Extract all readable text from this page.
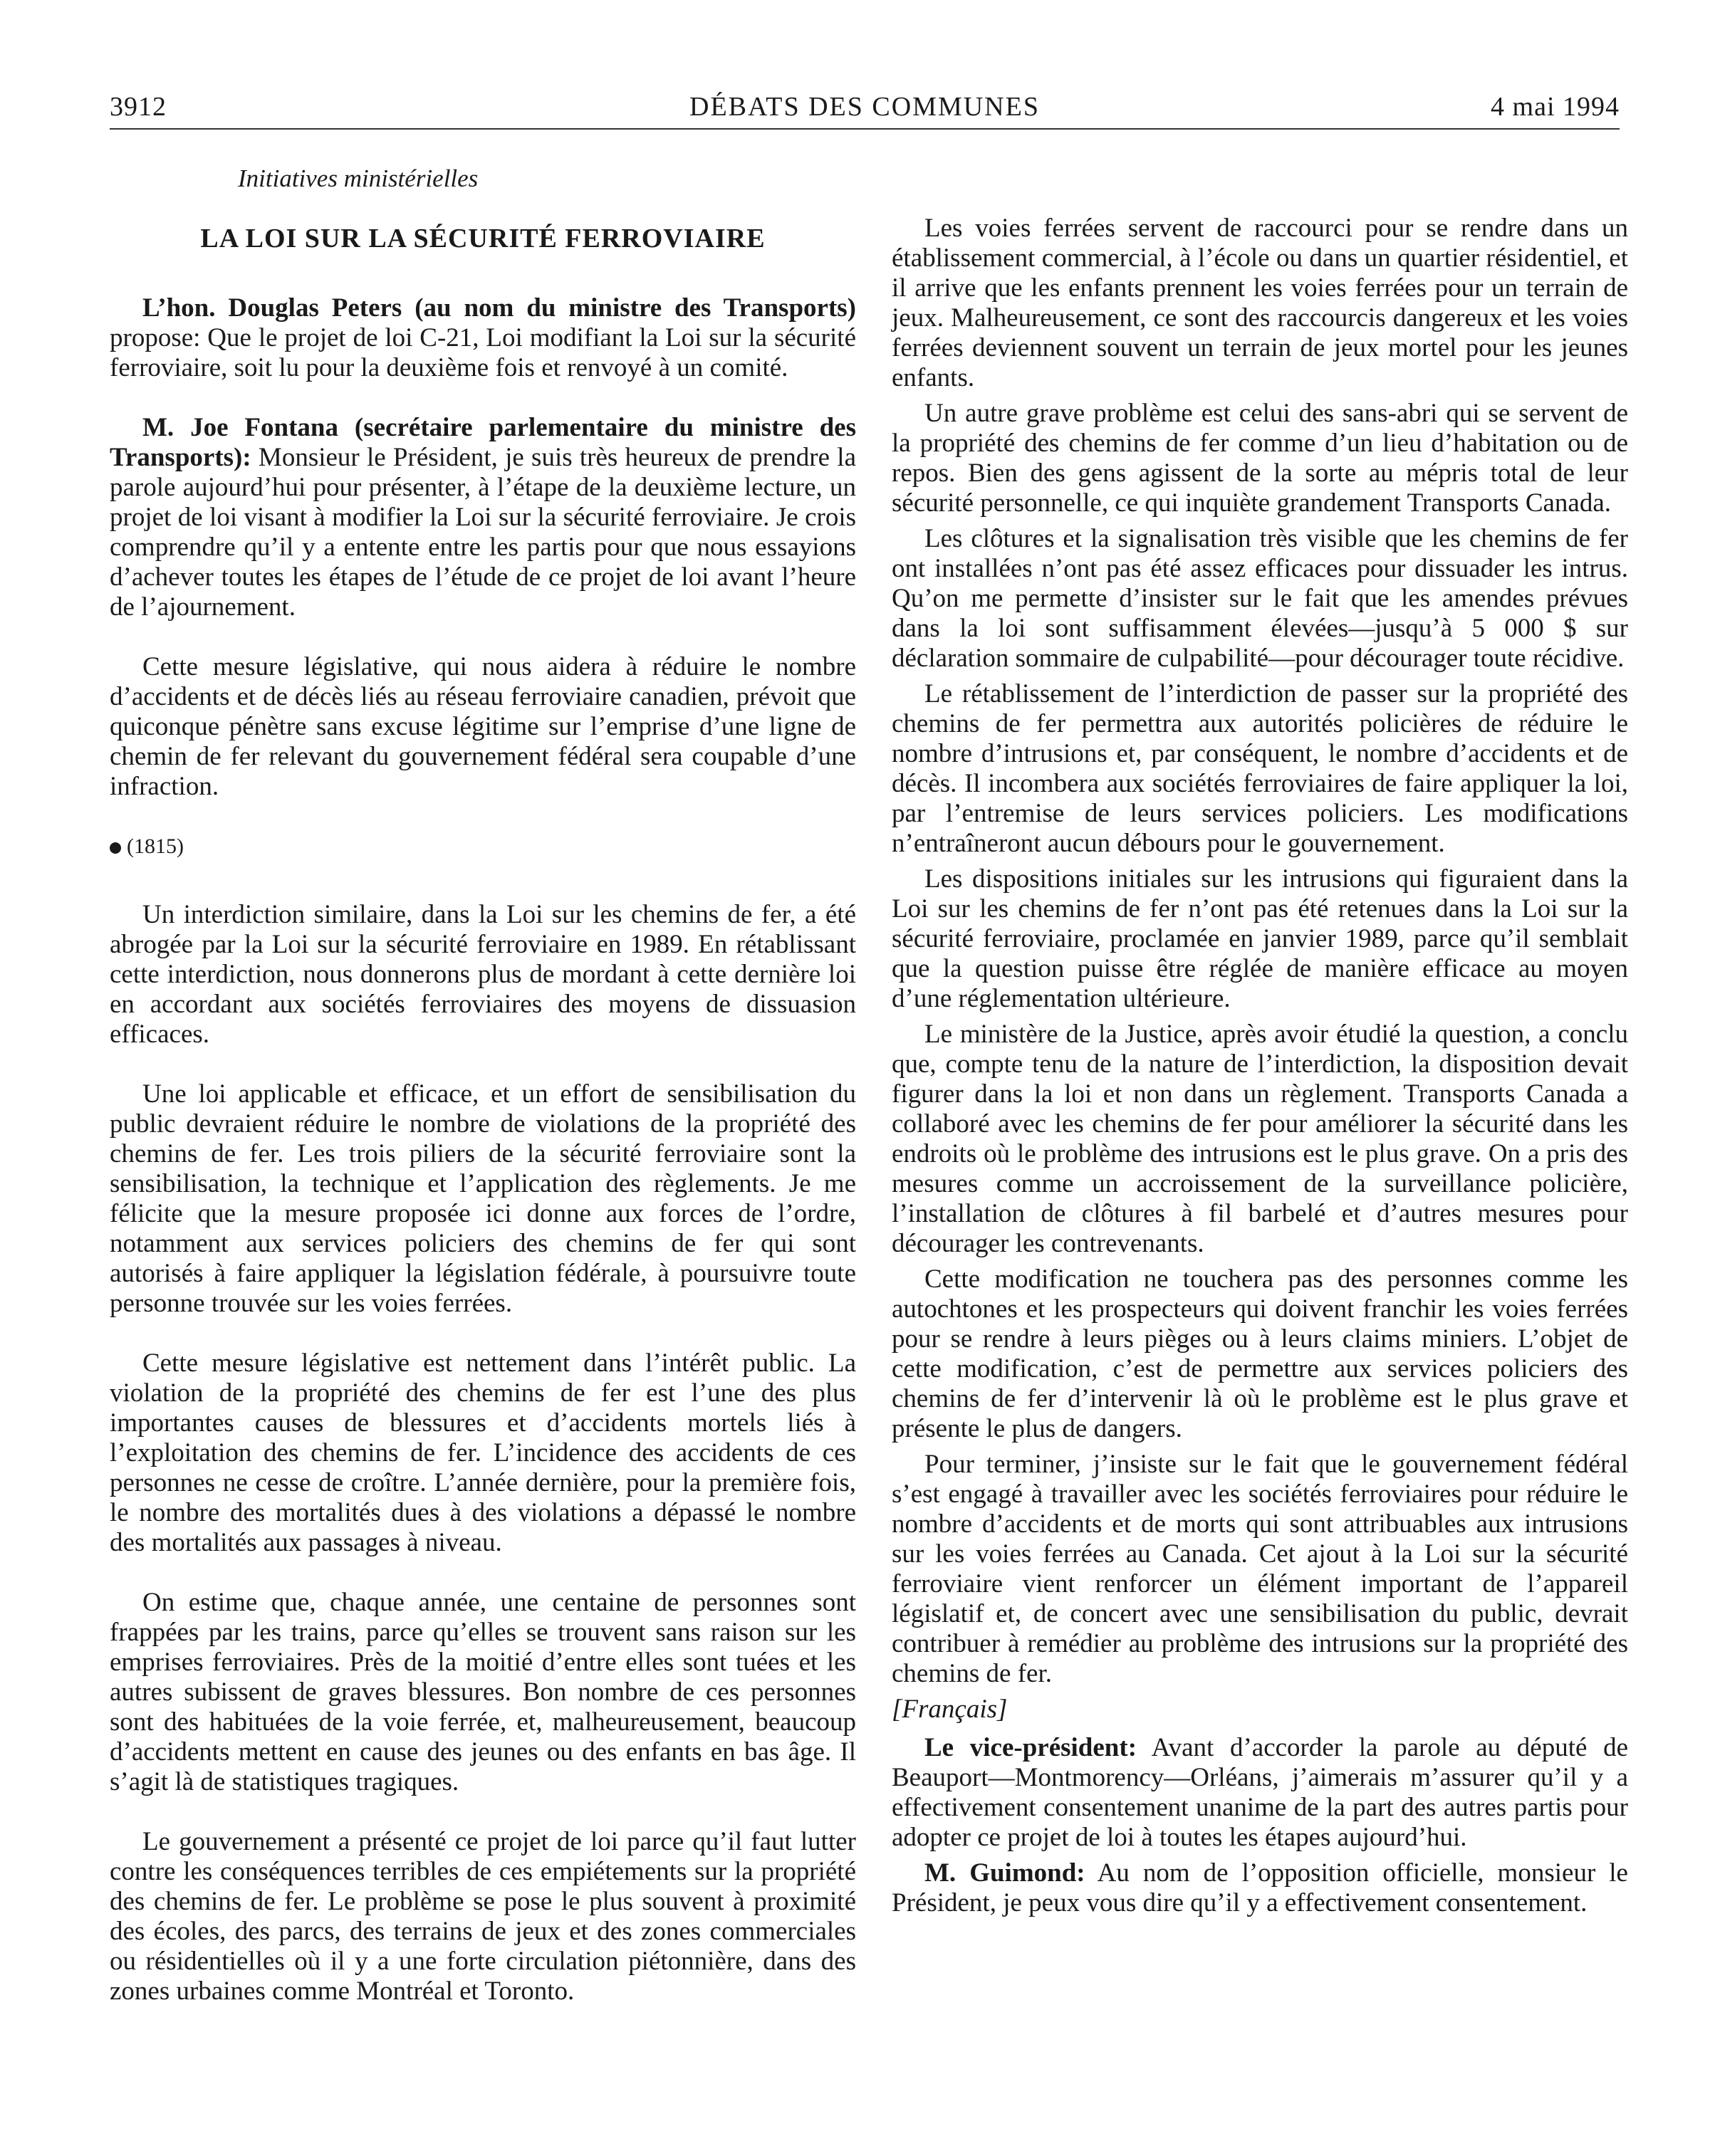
3912	DÉBATS DES COMMUNES	4 mai 1994

Initiatives ministérielles

LA LOI SUR LA SÉCURITÉ FERROVIAIRE

L’hon. Douglas Peters (au nom du ministre des Transports) propose: Que le projet de loi C-21, Loi modifiant la Loi sur la sécurité ferroviaire, soit lu pour la deuxième fois et renvoyé à un comité.

M. Joe Fontana (secrétaire parlementaire du ministre des Transports): Monsieur le Président, je suis très heureux de prendre la parole aujourd’hui pour présenter, à l’étape de la deuxième lecture, un projet de loi visant à modifier la Loi sur la sécurité ferroviaire. Je crois comprendre qu’il y a entente entre les partis pour que nous essayions d’achever toutes les étapes de l’étude de ce projet de loi avant l’heure de l’ajournement.

Cette mesure législative, qui nous aidera à réduire le nombre d’accidents et de décès liés au réseau ferroviaire canadien, prévoit que quiconque pénètre sans excuse légitime sur l’emprise d’une ligne de chemin de fer relevant du gouvernement fédéral sera coupable d’une infraction.

(1815)

Un interdiction similaire, dans la Loi sur les chemins de fer, a été abrogée par la Loi sur la sécurité ferroviaire en 1989. En rétablissant cette interdiction, nous donnerons plus de mordant à cette dernière loi en accordant aux sociétés ferroviaires des moyens de dissuasion efficaces.

Une loi applicable et efficace, et un effort de sensibilisation du public devraient réduire le nombre de violations de la propriété des chemins de fer. Les trois piliers de la sécurité ferroviaire sont la sensibilisation, la technique et l’application des règlements. Je me félicite que la mesure proposée ici donne aux forces de l’ordre, notamment aux services policiers des chemins de fer qui sont autorisés à faire appliquer la législation fédérale, à poursuivre toute personne trouvée sur les voies ferrées.

Cette mesure législative est nettement dans l’intérêt public. La violation de la propriété des chemins de fer est l’une des plus importantes causes de blessures et d’accidents mortels liés à l’exploitation des chemins de fer. L’incidence des accidents de ces personnes ne cesse de croître. L’année dernière, pour la première fois, le nombre des mortalités dues à des violations a dépassé le nombre des mortalités aux passages à niveau.

On estime que, chaque année, une centaine de personnes sont frappées par les trains, parce qu’elles se trouvent sans raison sur les emprises ferroviaires. Près de la moitié d’entre elles sont tuées et les autres subissent de graves blessures. Bon nombre de ces personnes sont des habituées de la voie ferrée, et, malheureusement, beaucoup d’accidents mettent en cause des jeunes ou des enfants en bas âge. Il s’agit là de statistiques tragiques.

Le gouvernement a présenté ce projet de loi parce qu’il faut lutter contre les conséquences terribles de ces empiétements sur la propriété des chemins de fer. Le problème se pose le plus souvent à proximité des écoles, des parcs, des terrains de jeux et des zones commerciales ou résidentielles où il y a une forte circulation piétonnière, dans des zones urbaines comme Montréal et Toronto.

Les voies ferrées servent de raccourci pour se rendre dans un établissement commercial, à l’école ou dans un quartier résidentiel, et il arrive que les enfants prennent les voies ferrées pour un terrain de jeux. Malheureusement, ce sont des raccourcis dangereux et les voies ferrées deviennent souvent un terrain de jeux mortel pour les jeunes enfants.

Un autre grave problème est celui des sans-abri qui se servent de la propriété des chemins de fer comme d’un lieu d’habitation ou de repos. Bien des gens agissent de la sorte au mépris total de leur sécurité personnelle, ce qui inquiète grandement Transports Canada.

Les clôtures et la signalisation très visible que les chemins de fer ont installées n’ont pas été assez efficaces pour dissuader les intrus. Qu’on me permette d’insister sur le fait que les amendes prévues dans la loi sont suffisamment élevées—jusqu’à 5 000 $ sur déclaration sommaire de culpabilité—pour décourager toute récidive.

Le rétablissement de l’interdiction de passer sur la propriété des chemins de fer permettra aux autorités policières de réduire le nombre d’intrusions et, par conséquent, le nombre d’accidents et de décès. Il incombera aux sociétés ferroviaires de faire appliquer la loi, par l’entremise de leurs services policiers. Les modifications n’entraîneront aucun débours pour le gouvernement.

Les dispositions initiales sur les intrusions qui figuraient dans la Loi sur les chemins de fer n’ont pas été retenues dans la Loi sur la sécurité ferroviaire, proclamée en janvier 1989, parce qu’il semblait que la question puisse être réglée de manière efficace au moyen d’une réglementation ultérieure.

Le ministère de la Justice, après avoir étudié la question, a conclu que, compte tenu de la nature de l’interdiction, la disposition devait figurer dans la loi et non dans un règlement. Transports Canada a collaboré avec les chemins de fer pour améliorer la sécurité dans les endroits où le problème des intrusions est le plus grave. On a pris des mesures comme un accroissement de la surveillance policière, l’installation de clôtures à fil barbelé et d’autres mesures pour décourager les contrevenants.

Cette modification ne touchera pas des personnes comme les autochtones et les prospecteurs qui doivent franchir les voies ferrées pour se rendre à leurs pièges ou à leurs claims miniers. L’objet de cette modification, c’est de permettre aux services policiers des chemins de fer d’intervenir là où le problème est le plus grave et présente le plus de dangers.

Pour terminer, j’insiste sur le fait que le gouvernement fédéral s’est engagé à travailler avec les sociétés ferroviaires pour réduire le nombre d’accidents et de morts qui sont attribuables aux intrusions sur les voies ferrées au Canada. Cet ajout à la Loi sur la sécurité ferroviaire vient renforcer un élément important de l’appareil législatif et, de concert avec une sensibilisation du public, devrait contribuer à remédier au problème des intrusions sur la propriété des chemins de fer.

[Français]

Le vice-président: Avant d’accorder la parole au député de Beauport—Montmorency—Orléans, j’aimerais m’assurer qu’il y a effectivement consentement unanime de la part des autres partis pour adopter ce projet de loi à toutes les étapes aujourd’hui.

M. Guimond: Au nom de l’opposition officielle, monsieur le Président, je peux vous dire qu’il y a effectivement consentement.
